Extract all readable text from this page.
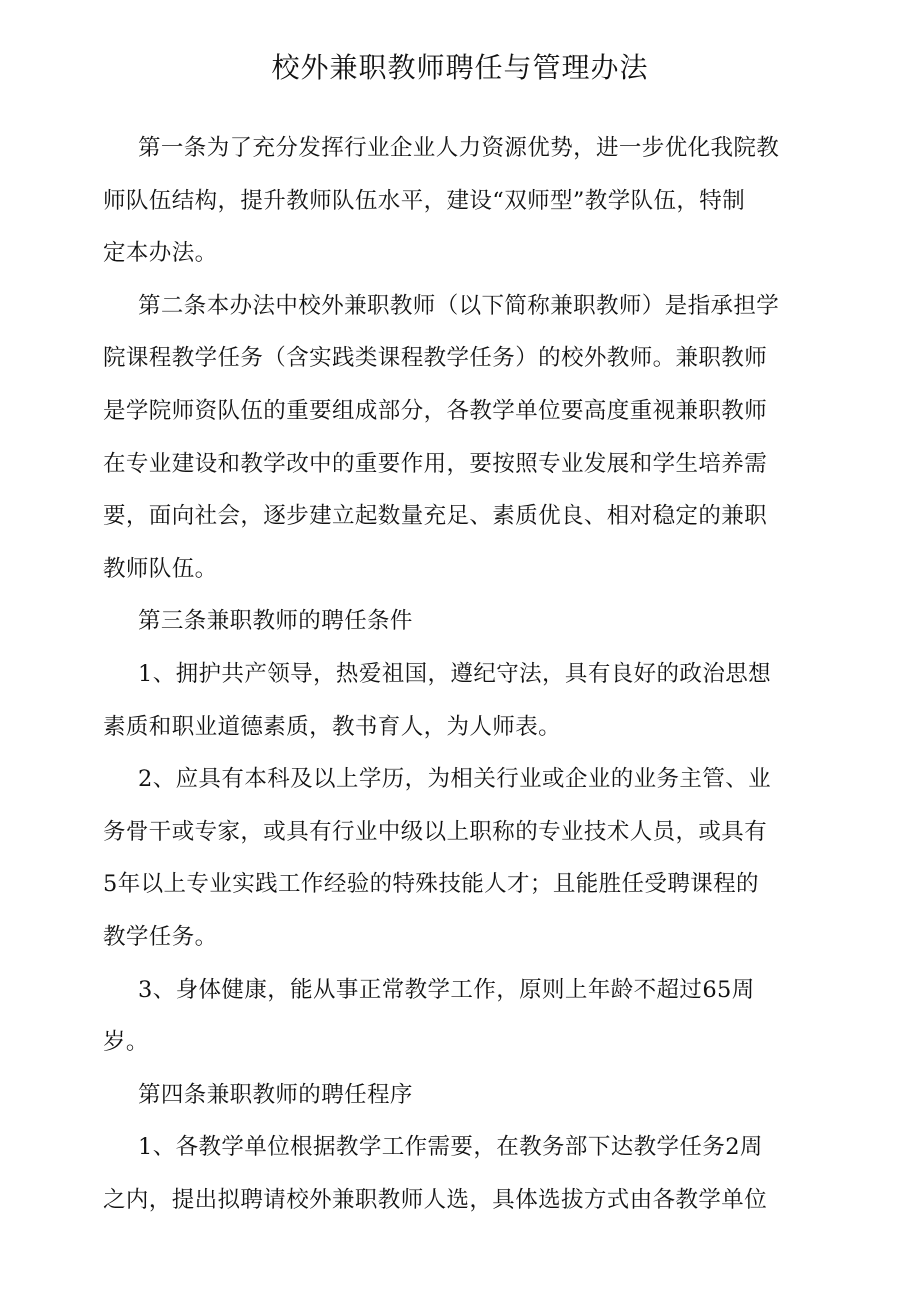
校外兼职教师聘任与管理办法
第一条为了充分发挥行业企业人力资源优势，进一步优化我院教
师队伍结构，提升教师队伍水平，建设“双师型”教学队伍，特制
定本办法。
第二条本办法中校外兼职教师（以下简称兼职教师）是指承担学
院课程教学任务（含实践类课程教学任务）的校外教师。兼职教师
是学院师资队伍的重要组成部分，各教学单位要高度重视兼职教师
在专业建设和教学改中的重要作用，要按照专业发展和学生培养需
要，面向社会，逐步建立起数量充足、素质优良、相对稳定的兼职
教师队伍。
第三条兼职教师的聘任条件
1、拥护共产领导，热爱祖国，遵纪守法，具有良好的政治思想
素质和职业道德素质，教书育人，为人师表。
2、应具有本科及以上学历，为相关行业或企业的业务主管、业
务骨干或专家，或具有行业中级以上职称的专业技术人员，或具有
5年以上专业实践工作经验的特殊技能人才；且能胜任受聘课程的
教学任务。
3、身体健康，能从事正常教学工作，原则上年龄不超过65周
岁。
第四条兼职教师的聘任程序
1、各教学单位根据教学工作需要，在教务部下达教学任务2周
之内，提出拟聘请校外兼职教师人选，具体选拔方式由各教学单位
